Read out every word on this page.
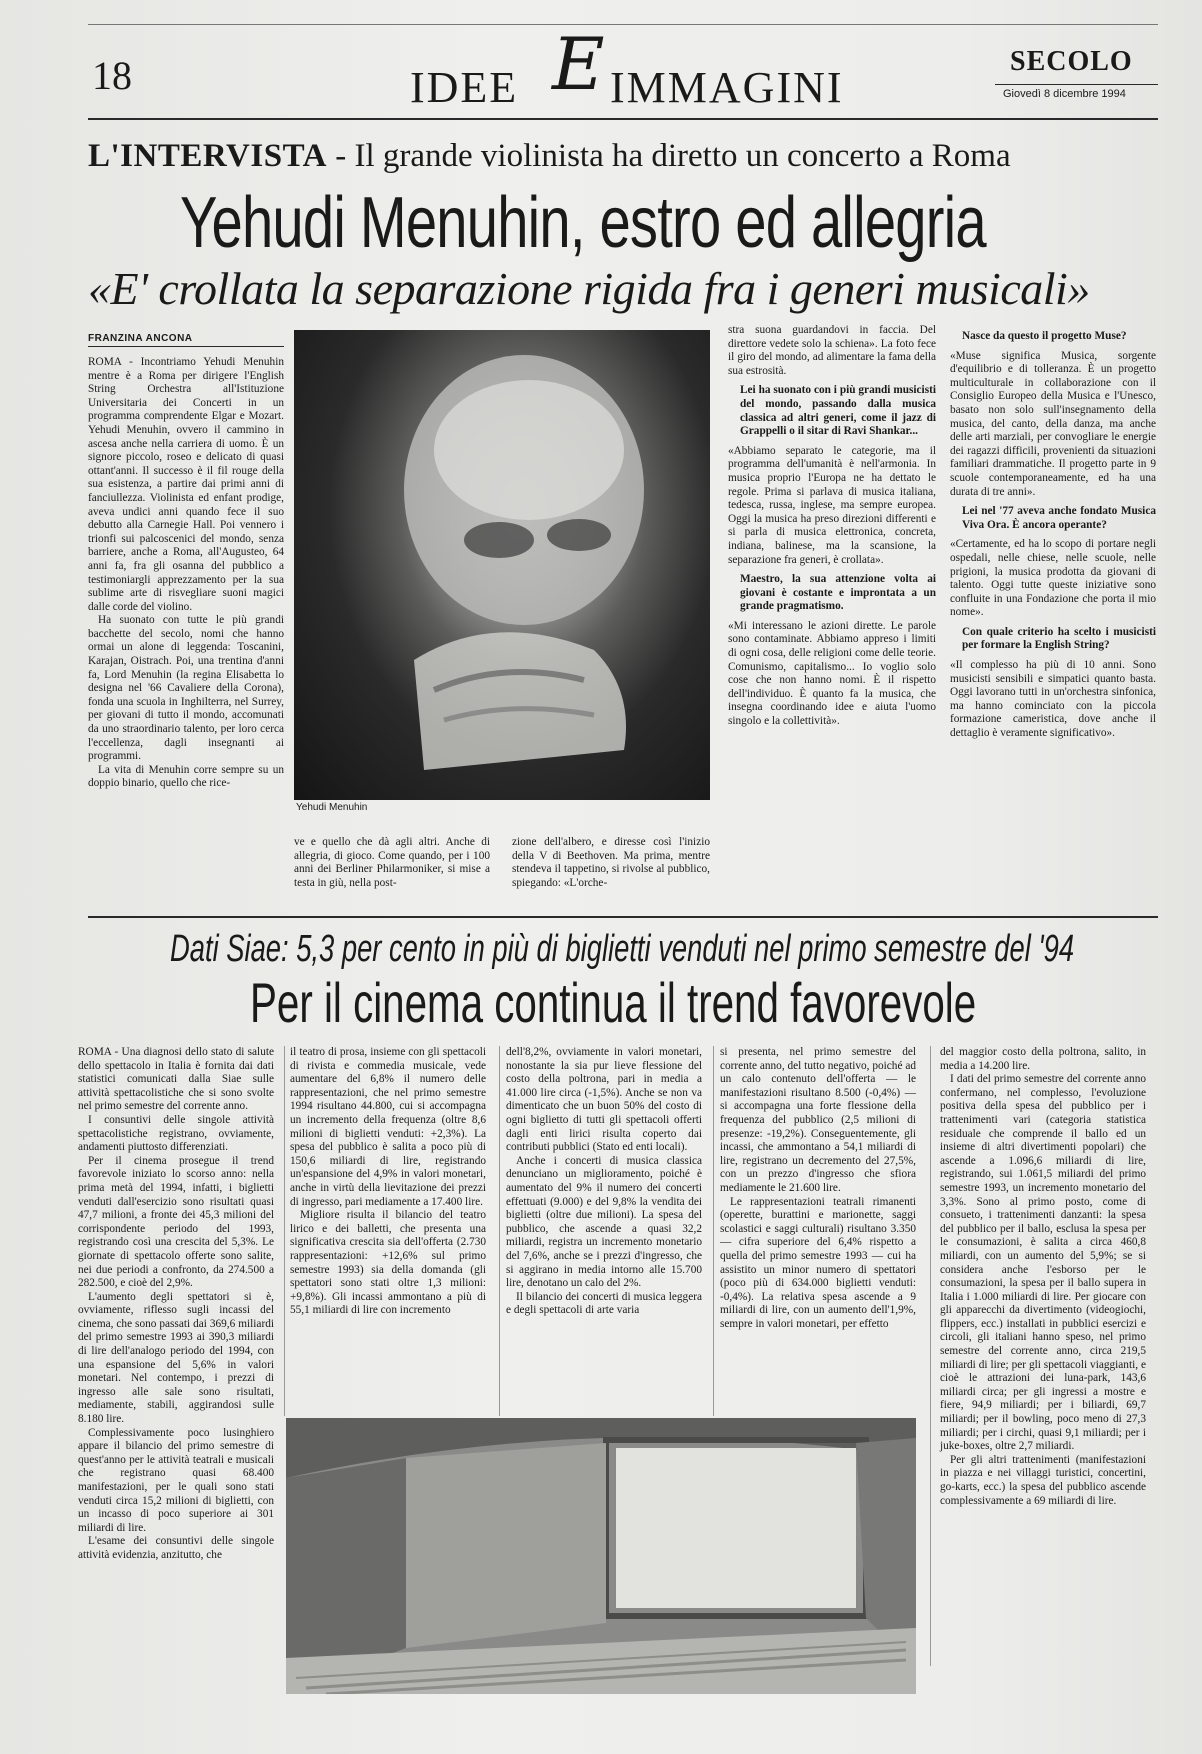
18	IDEE E IMMAGINI
SECOLO
Giovedì 8 dicembre 1994
L'INTERVISTA - Il grande violinista ha diretto un concerto a Roma
Yehudi Menuhin, estro ed allegria
«E' crollata la separazione rigida fra i generi musicali»
FRANZINA ANCONA

ROMA - Incontriamo Yehudi Menuhin mentre è a Roma per dirigere l'English String Orchestra all'Istituzione Universitaria dei Concerti in un programma comprendente Elgar e Mozart. Yehudi Menuhin, ovvero il cammino in ascesa anche nella carriera di uomo. È un signore piccolo, roseo e delicato di quasi ottant'anni. Il successo è il fil rouge della sua esistenza, a partire dai primi anni di fanciullezza. Violinista ed enfant prodige, aveva undici anni quando fece il suo debutto alla Carnegie Hall. Poi vennero i trionfi sui palcoscenici del mondo, senza barriere, anche a Roma, all'Augusteo, 64 anni fa, fra gli osanna del pubblico a testimoniargli apprezzamento per la sua sublime arte di risvegliare suoni magici dalle corde del violino.

Ha suonato con tutte le più grandi bacchette del secolo, nomi che hanno ormai un alone di leggenda: Toscanini, Karajan, Oistrach. Poi, una trentina d'anni fa, Lord Menuhin (la regina Elisabetta lo designa nel '66 Cavaliere della Corona), fonda una scuola in Inghilterra, nel Surrey, per giovani di tutto il mondo, accomunati da uno straordinario talento, per loro cerca l'eccellenza, dagli insegnanti ai programmi.

La vita di Menuhin corre sempre su un doppio binario, quello che rice-

Yehudi Menuhin

ve e quello che dà agli altri. Anche di allegria, di gioco. Come quando, per i 100 anni dei Berliner Philarmoniker, si mise a testa in giù, nella post-

zione dell'albero, e diresse così l'inizio della V di Beethoven. Ma prima, mentre stendeva il tappetino, si rivolse al pubblico, spiegando: «L'orche-

stra suona guardandovi in faccia. Del direttore vedete solo la schiena». La foto fece il giro del mondo, ad alimentare la fama della sua estrosità.

Lei ha suonato con i più grandi musicisti del mondo, passando dalla musica classica ad altri generi, come il jazz di Grappelli o il sitar di Ravi Shankar...

«Abbiamo separato le categorie, ma il programma dell'umanità è nell'armonia. In musica proprio l'Europa ne ha dettato le regole. Prima si parlava di musica italiana, tedesca, russa, inglese, ma sempre europea. Oggi la musica ha preso direzioni differenti e si parla di musica elettronica, concreta, indiana, balinese, ma la scansione, la separazione fra generi, è crollata».

Maestro, la sua attenzione volta ai giovani è costante e improntata a un grande pragmatismo.

«Mi interessano le azioni dirette. Le parole sono contaminate. Abbiamo appreso i limiti di ogni cosa, delle religioni come delle teorie. Comunismo, capitalismo... Io voglio solo cose che non hanno nomi. È il rispetto dell'individuo. È quanto fa la musica, che insegna coordinando idee e aiuta l'uomo singolo e la collettività».

Nasce da questo il progetto Muse?

«Muse significa Musica, sorgente d'equilibrio e di tolleranza. È un progetto multiculturale in collaborazione con il Consiglio Europeo della Musica e l'Unesco, basato non solo sull'insegnamento della musica, del canto, della danza, ma anche delle arti marziali, per convogliare le energie dei ragazzi difficili, provenienti da situazioni familiari drammatiche. Il progetto parte in 9 scuole contemporaneamente, ed ha una durata di tre anni».

Lei nel '77 aveva anche fondato Musica Viva Ora. È ancora operante?

«Certamente, ed ha lo scopo di portare negli ospedali, nelle chiese, nelle scuole, nelle prigioni, la musica prodotta da giovani di talento. Oggi tutte queste iniziative sono confluite in una Fondazione che porta il mio nome».

Con quale criterio ha scelto i musicisti per formare la English String?

«Il complesso ha più di 10 anni. Sono musicisti sensibili e simpatici quanto basta. Oggi lavorano tutti in un'orchestra sinfonica, ma hanno cominciato con la piccola formazione cameristica, dove anche il dettaglio è veramente significativo».

Dati Siae: 5,3 per cento in più di biglietti venduti nel primo semestre del '94
Per il cinema continua il trend favorevole

ROMA - Una diagnosi dello stato di salute dello spettacolo in Italia è fornita dai dati statistici comunicati dalla Siae sulle attività spettacolistiche che si sono svolte nel primo semestre del corrente anno.

I consuntivi delle singole attività spettacolistiche registrano, ovviamente, andamenti piuttosto differenziati.

Per il cinema prosegue il trend favorevole iniziato lo scorso anno: nella prima metà del 1994, infatti, i biglietti venduti dall'esercizio sono risultati quasi 47,7 milioni, a fronte dei 45,3 milioni del corrispondente periodo del 1993, registrando così una crescita del 5,3%. Le giornate di spettacolo offerte sono salite, nei due periodi a confronto, da 274.500 a 282.500, e cioè del 2,9%.

L'aumento degli spettatori si è, ovviamente, riflesso sugli incassi del cinema, che sono passati dai 369,6 miliardi del primo semestre 1993 ai 390,3 miliardi di lire dell'analogo periodo del 1994, con una espansione del 5,6% in valori monetari. Nel contempo, i prezzi di ingresso alle sale sono risultati, mediamente, stabili, aggirandosi sulle 8.180 lire.

Complessivamente poco lusinghiero appare il bilancio del primo semestre di quest'anno per le attività teatrali e musicali che registrano quasi 68.400 manifestazioni, per le quali sono stati venduti circa 15,2 milioni di biglietti, con un incasso di poco superiore ai 301 miliardi di lire.

L'esame dei consuntivi delle singole attività evidenzia, anzitutto, che

il teatro di prosa, insieme con gli spettacoli di rivista e commedia musicale, vede aumentare del 6,8% il numero delle rappresentazioni, che nel primo semestre 1994 risultano 44.800, cui si accompagna un incremento della frequenza (oltre 8,6 milioni di biglietti venduti: +2,3%). La spesa del pubblico è salita a poco più di 150,6 miliardi di lire, registrando un'espansione del 4,9% in valori monetari, anche in virtù della lievitazione dei prezzi di ingresso, pari mediamente a 17.400 lire.

Migliore risulta il bilancio del teatro lirico e dei balletti, che presenta una significativa crescita sia dell'offerta (2.730 rappresentazioni: +12,6% sul primo semestre 1993) sia della domanda (gli spettatori sono stati oltre 1,3 milioni: +9,8%). Gli incassi ammontano a più di 55,1 miliardi di lire con incremento

dell'8,2%, ovviamente in valori monetari, nonostante la sia pur lieve flessione del costo della poltrona, pari in media a 41.000 lire circa (-1,5%). Anche se non va dimenticato che un buon 50% del costo di ogni biglietto di tutti gli spettacoli offerti dagli enti lirici risulta coperto dai contributi pubblici (Stato ed enti locali).

Anche i concerti di musica classica denunciano un miglioramento, poiché è aumentato del 9% il numero dei concerti effettuati (9.000) e del 9,8% la vendita dei biglietti (oltre due milioni). La spesa del pubblico, che ascende a quasi 32,2 miliardi, registra un incremento monetario del 7,6%, anche se i prezzi d'ingresso, che si aggirano in media intorno alle 15.700 lire, denotano un calo del 2%.

Il bilancio dei concerti di musica leggera e degli spettacoli di arte varia

si presenta, nel primo semestre del corrente anno, del tutto negativo, poiché ad un calo contenuto dell'offerta — le manifestazioni risultano 8.500 (-0,4%) — si accompagna una forte flessione della frequenza del pubblico (2,5 milioni di presenze: -19,2%). Conseguentemente, gli incassi, che ammontano a 54,1 miliardi di lire, registrano un decremento del 27,5%, con un prezzo d'ingresso che sfiora mediamente le 21.600 lire.

Le rappresentazioni teatrali rimanenti (operette, burattini e marionette, saggi scolastici e saggi culturali) risultano 3.350 — cifra superiore del 6,4% rispetto a quella del primo semestre 1993 — cui ha assistito un minor numero di spettatori (poco più di 634.000 biglietti venduti: -0,4%). La relativa spesa ascende a 9 miliardi di lire, con un aumento dell'1,9%, sempre in valori monetari, per effetto

del maggior costo della poltrona, salito, in media a 14.200 lire.

I dati del primo semestre del corrente anno confermano, nel complesso, l'evoluzione positiva della spesa del pubblico per i trattenimenti vari (categoria statistica residuale che comprende il ballo ed un insieme di altri divertimenti popolari) che ascende a 1.096,6 miliardi di lire, registrando, sui 1.061,5 miliardi del primo semestre 1993, un incremento monetario del 3,3%. Sono al primo posto, come di consueto, i trattenimenti danzanti: la spesa del pubblico per il ballo, esclusa la spesa per le consumazioni, è salita a circa 460,8 miliardi, con un aumento del 5,9%; se si considera anche l'esborso per le consumazioni, la spesa per il ballo supera in Italia i 1.000 miliardi di lire. Per giocare con gli apparecchi da divertimento (videogiochi, flippers, ecc.) installati in pubblici esercizi e circoli, gli italiani hanno speso, nel primo semestre del corrente anno, circa 219,5 miliardi di lire; per gli spettacoli viaggianti, e cioè le attrazioni dei luna-park, 143,6 miliardi circa; per gli ingressi a mostre e fiere, 94,9 miliardi; per i biliardi, 69,7 miliardi; per il bowling, poco meno di 27,3 miliardi; per i circhi, quasi 9,1 miliardi; per i juke-boxes, oltre 2,7 miliardi.

Per gli altri trattenimenti (manifestazioni in piazza e nei villaggi turistici, concertini, go-karts, ecc.) la spesa del pubblico ascende complessivamente a 69 miliardi di lire.
